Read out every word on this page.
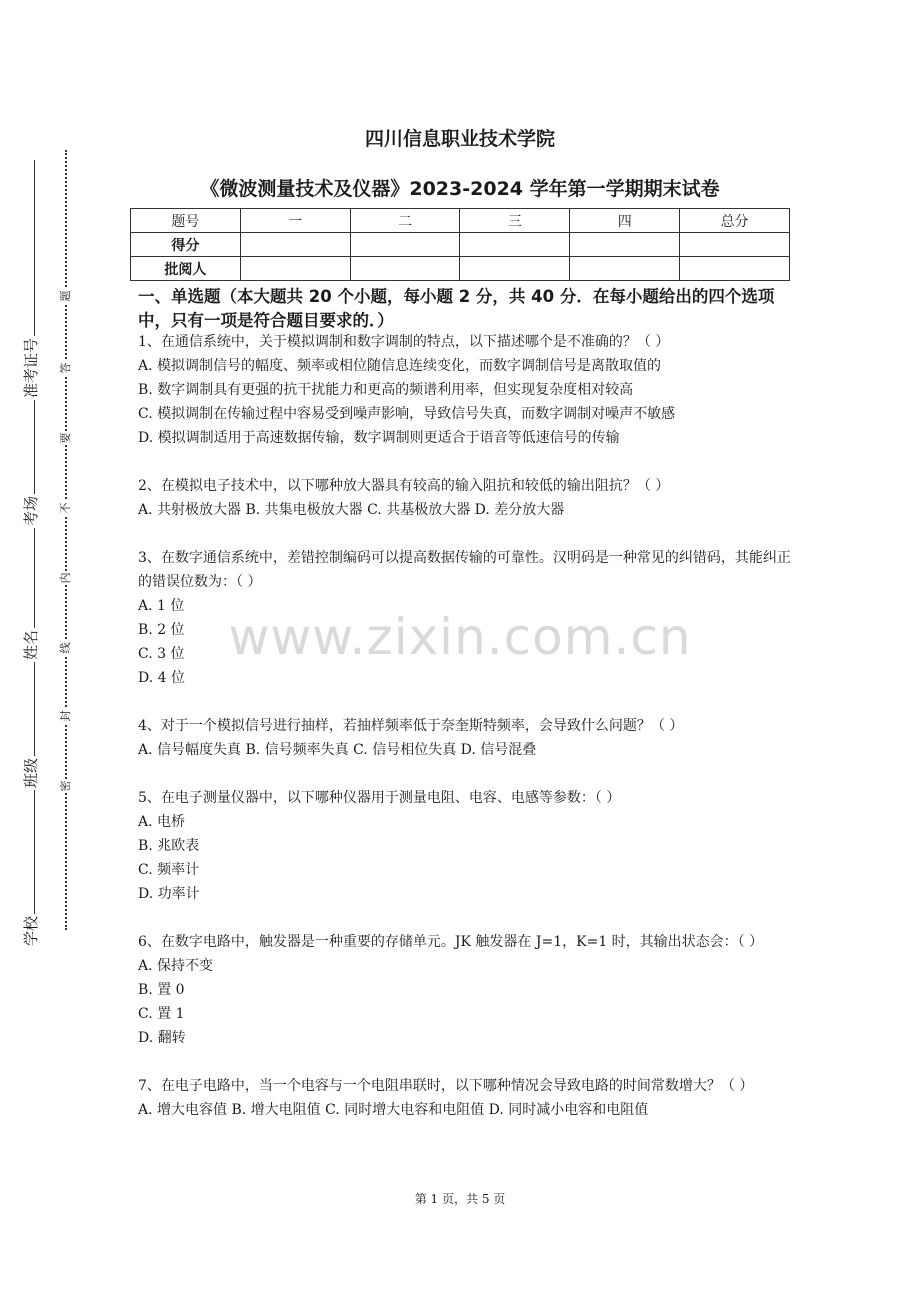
准考证号
考场
姓名
班级
学校
题
答
要
不
内
线
封
密
四川信息职业技术学院
《微波测量技术及仪器》2023-2024 学年第一学期期末试卷
题号	一	二	三	四	总分
得分					
批阅人					
一、单选题（本大题共 20 个小题，每小题 2 分，共 40 分．在每小题给出的四个选项中，只有一项是符合题目要求的．）

1、在通信系统中，关于模拟调制和数字调制的特点，以下描述哪个是不准确的？（ ）

A. 模拟调制信号的幅度、频率或相位随信息连续变化，而数字调制信号是离散取值的

B. 数字调制具有更强的抗干扰能力和更高的频谱利用率，但实现复杂度相对较高

C. 模拟调制在传输过程中容易受到噪声影响，导致信号失真，而数字调制对噪声不敏感

D. 模拟调制适用于高速数据传输，数字调制则更适合于语音等低速信号的传输

2、在模拟电子技术中，以下哪种放大器具有较高的输入阻抗和较低的输出阻抗？（ ）

A. 共射极放大器 B. 共集电极放大器 C. 共基极放大器 D. 差分放大器

3、在数字通信系统中，差错控制编码可以提高数据传输的可靠性。汉明码是一种常见的纠错码，其能纠正的错误位数为：（ ）

A. 1 位

B. 2 位

C. 3 位

D. 4 位

4、对于一个模拟信号进行抽样，若抽样频率低于奈奎斯特频率，会导致什么问题？（ ）

A. 信号幅度失真 B. 信号频率失真 C. 信号相位失真 D. 信号混叠

5、在电子测量仪器中，以下哪种仪器用于测量电阻、电容、电感等参数：（ ）

A. 电桥

B. 兆欧表

C. 频率计

D. 功率计

6、在数字电路中，触发器是一种重要的存储单元。JK 触发器在 J=1，K=1 时，其输出状态会：（ ）

A. 保持不变

B. 置 0

C. 置 1

D. 翻转

7、在电子电路中，当一个电容与一个电阻串联时，以下哪种情况会导致电路的时间常数增大？（ ）

A. 增大电容值 B. 增大电阻值 C. 同时增大电容和电阻值 D. 同时减小电容和电阻值

www.zixin.com.cn
第 1 页，共 5 页
